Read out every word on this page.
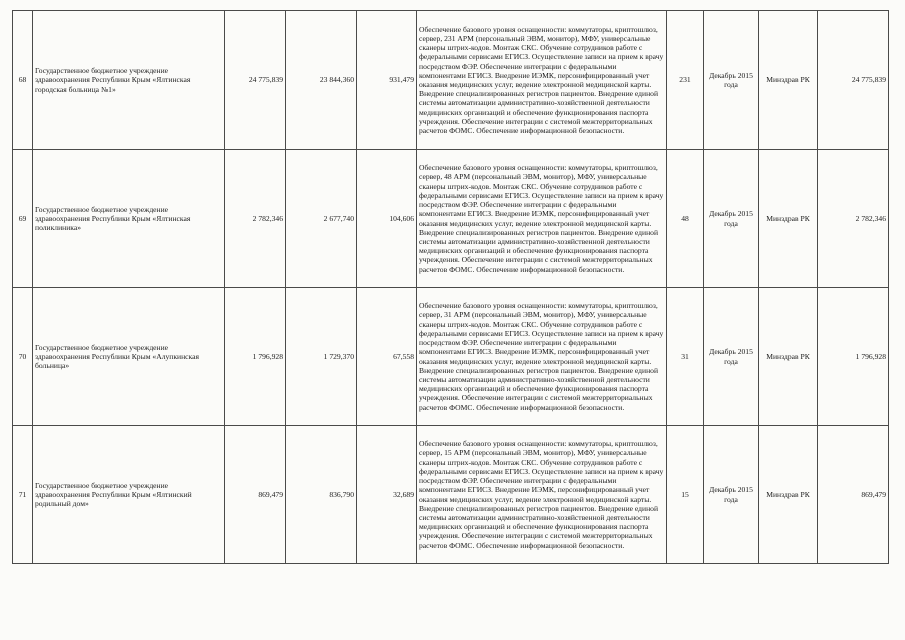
68	Государственное бюджетное учреждение здравоохранения Республики Крым «Ялтинская городская больница №1»	24 775,839	23 844,360	931,479	Обеспечение базового уровня оснащенности: коммутаторы, криптошлюз, сервер, 231 АРМ (персональный ЭВМ, монитор), МФУ, универсальные сканеры штрих-кодов. Монтаж СКС. Обучение сотрудников работе с федеральными сервисами ЕГИСЗ. Осуществление записи на прием к врачу посредством ФЭР. Обеспечение интеграции с федеральными компонентами ЕГИСЗ. Внедрение ИЭМК, персонифицированный учет оказания медицинских услуг, ведение электронной медицинской карты. Внедрение специализированных регистров пациентов. Внедрение единой системы автоматизации административно-хозяйственной деятельности медицинских организаций и обеспечение функционирования паспорта учреждения. Обеспечение интеграции с системой межтерриториальных расчетов ФОМС. Обеспечение информационной безопасности.	231	Декабрь 2015 года	Минздрав РК	24 775,839
69	Государственное бюджетное учреждение здравоохранения Республики Крым «Ялтинская поликлиника»	2 782,346	2 677,740	104,606	Обеспечение базового уровня оснащенности: коммутаторы, криптошлюз, сервер, 48 АРМ (персональный ЭВМ, монитор), МФУ, универсальные сканеры штрих-кодов. Монтаж СКС. Обучение сотрудников работе с федеральными сервисами ЕГИСЗ. Осуществление записи на прием к врачу посредством ФЭР. Обеспечение интеграции с федеральными компонентами ЕГИСЗ. Внедрение ИЭМК, персонифицированный учет оказания медицинских услуг, ведение электронной медицинской карты. Внедрение специализированных регистров пациентов. Внедрение единой системы автоматизации административно-хозяйственной деятельности медицинских организаций и обеспечение функционирования паспорта учреждения. Обеспечение интеграции с системой межтерриториальных расчетов ФОМС. Обеспечение информационной безопасности.	48	Декабрь 2015 года	Минздрав РК	2 782,346
70	Государственное бюджетное учреждение здравоохранения Республики Крым «Алупкинская больница»	1 796,928	1 729,370	67,558	Обеспечение базового уровня оснащенности: коммутаторы, криптошлюз, сервер, 31 АРМ (персональный ЭВМ, монитор), МФУ, универсальные сканеры штрих-кодов. Монтаж СКС. Обучение сотрудников работе с федеральными сервисами ЕГИСЗ. Осуществление записи на прием к врачу посредством ФЭР. Обеспечение интеграции с федеральными компонентами ЕГИСЗ. Внедрение ИЭМК, персонифицированный учет оказания медицинских услуг, ведение электронной медицинской карты. Внедрение специализированных регистров пациентов. Внедрение единой системы автоматизации административно-хозяйственной деятельности медицинских организаций и обеспечение функционирования паспорта учреждения. Обеспечение интеграции с системой межтерриториальных расчетов ФОМС. Обеспечение информационной безопасности.	31	Декабрь 2015 года	Минздрав РК	1 796,928
71	Государственное бюджетное учреждение здравоохранения Республики Крым «Ялтинский родильный дом»	869,479	836,790	32,689	Обеспечение базового уровня оснащенности: коммутаторы, криптошлюз, сервер, 15 АРМ (персональный ЭВМ, монитор), МФУ, универсальные сканеры штрих-кодов. Монтаж СКС. Обучение сотрудников работе с федеральными сервисами ЕГИСЗ. Осуществление записи на прием к врачу посредством ФЭР. Обеспечение интеграции с федеральными компонентами ЕГИСЗ. Внедрение ИЭМК, персонифицированный учет оказания медицинских услуг, ведение электронной медицинской карты. Внедрение специализированных регистров пациентов. Внедрение единой системы автоматизации административно-хозяйственной деятельности медицинских организаций и обеспечение функционирования паспорта учреждения. Обеспечение интеграции с системой межтерриториальных расчетов ФОМС. Обеспечение информационной безопасности.	15	Декабрь 2015 года	Минздрав РК	869,479
